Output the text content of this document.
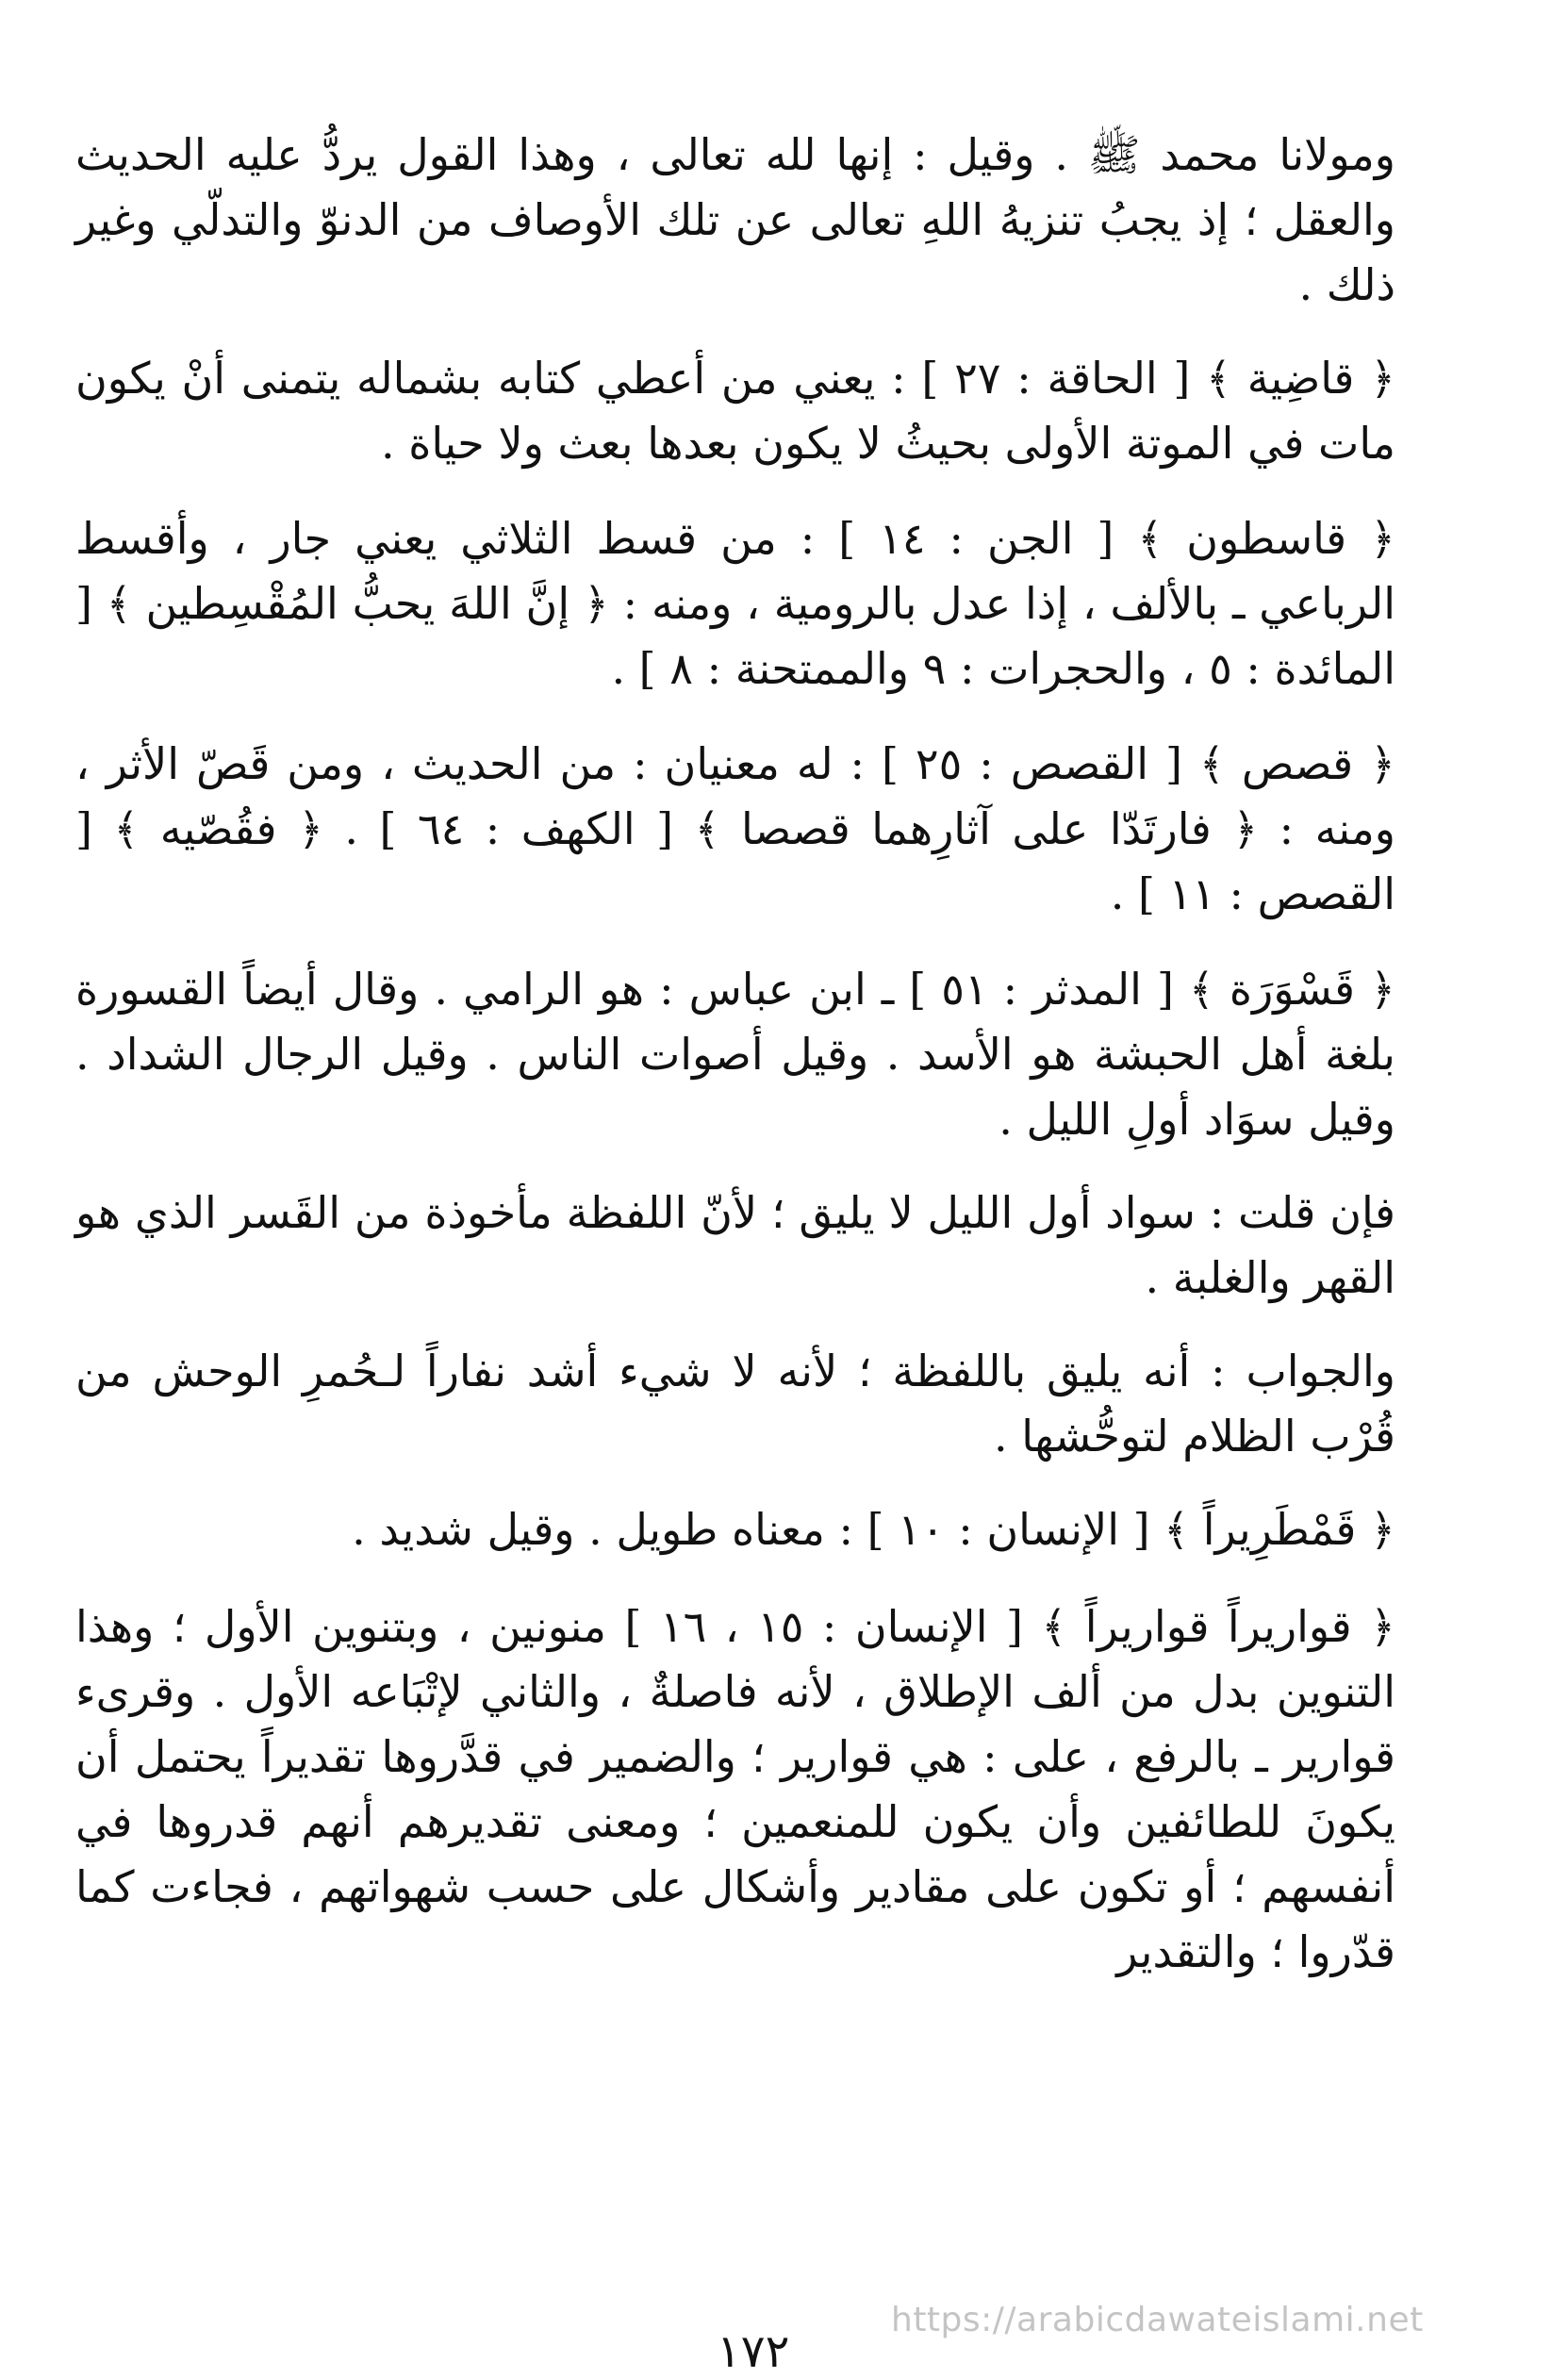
ومولانا محمد ﷺ . وقيل : إنها لله تعالى ، وهذا القول يردُّ عليه الحديث والعقل ؛ إذ يجبُ تنزيهُ اللهِ تعالى عن تلك الأوصاف من الدنوّ والتدلّي وغير ذلك .

﴿ قاضِية ﴾ [ الحاقة : ٢٧ ] : يعني من أعطي كتابه بشماله يتمنى أنْ يكون مات في الموتة الأولى بحيثُ لا يكون بعدها بعث ولا حياة .

﴿ قاسطون ﴾ [ الجن : ١٤ ] : من قسط الثلاثي يعني جار ، وأقسط الرباعي ـ بالألف ، إذا عدل بالرومية ، ومنه : ﴿ إنَّ اللهَ يحبُّ المُقْسِطين ﴾ [ المائدة : ٥ ، والحجرات : ٩ والممتحنة : ٨ ] .

﴿ قصص ﴾ [ القصص : ٢٥ ] : له معنيان : من الحديث ، ومن قَصّ الأثر ، ومنه : ﴿ فارتَدّا على آثارِهما قصصا ﴾ [ الكهف : ٦٤ ] . ﴿ فقُصّيه ﴾ [ القصص : ١١ ] .

﴿ قَسْوَرَة ﴾ [ المدثر : ٥١ ] ـ ابن عباس : هو الرامي . وقال أيضاً القسورة بلغة أهل الحبشة هو الأسد . وقيل أصوات الناس . وقيل الرجال الشداد . وقيل سوَاد أولِ الليل .

فإن قلت : سواد أول الليل لا يليق ؛ لأنّ اللفظة مأخوذة من القَسر الذي هو القهر والغلبة .

والجواب : أنه يليق باللفظة ؛ لأنه لا شيء أشد نفاراً لـحُمرِ الوحش من قُرْب الظلام لتوحُّشها .

﴿ قَمْطَرِيراً ﴾ [ الإنسان : ١٠ ] : معناه طويل . وقيل شديد .

﴿ قواريراً قواريراً ﴾ [ الإنسان : ١٥ ، ١٦ ] منونين ، وبتنوين الأول ؛ وهذا التنوين بدل من ألف الإطلاق ، لأنه فاصلةٌ ، والثاني لإتْبَاعه الأول . وقرىء قوارير ـ بالرفع ، على : هي قوارير ؛ والضمير في قدَّروها تقديراً يحتمل أن يكونَ للطائفين وأن يكون للمنعمين ؛ ومعنى تقديرهم أنهم قدروها في أنفسهم ؛ أو تكون على مقادير وأشكال على حسب شهواتهم ، فجاءت كما قدّروا ؛ والتقدير

https://arabicdawateislami.net
١٧٢
